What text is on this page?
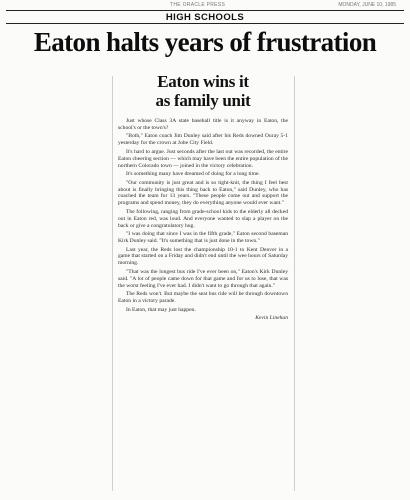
THE ORACLE PRESS	MONDAY, JUNE 10, 1985
HIGH SCHOOLS
Eaton halts years of frustration
Eaton wins it
as family unit

Just whose Class 3A state baseball title is it anyway in Eaton, the school's or the town's?

"Both," Eaton coach Jim Dunley said after his Reds downed Ouray 5-1 yesterday for the crown at Jobe City Field.

It's hard to argue. Just seconds after the last out was recorded, the entire Eaton cheering section — which may have been the entire population of the northern Colorado town — joined in the victory celebration.

It's something many have dreamed of doing for a long time.

"Our community is just great and is so tight-knit, the thing I feel best about is finally bringing this thing back to Eaton," said Dunley, who has coached the team for 13 years. "These people come out and support the programs and spend money, they do everything anyone would ever want."

The following, ranging from grade-school kids to the elderly all decked out in Eaton red, was loud. And everyone wanted to slap a player on the back or give a congratulatory hug.

"I was doing that since I was in the fifth grade," Eaton second baseman Kirk Dunley said. "It's something that is just done in the town."

Last year, the Reds lost the championship 10-1 to Kent Denver in a game that started on a Friday and didn't end until the wee hours of Saturday morning.

"That was the longest bus ride I've ever been on," Eaton's Kirk Dunley said. "A lot of people came down for that game and for us to lose, that was the worst feeling I've ever had. I didn't want to go through that again."

The Reds won't. But maybe the seat bus ride will be through downtown Eaton in a victory parade.

In Eaton, that may just happen.

Kevin Linehan
